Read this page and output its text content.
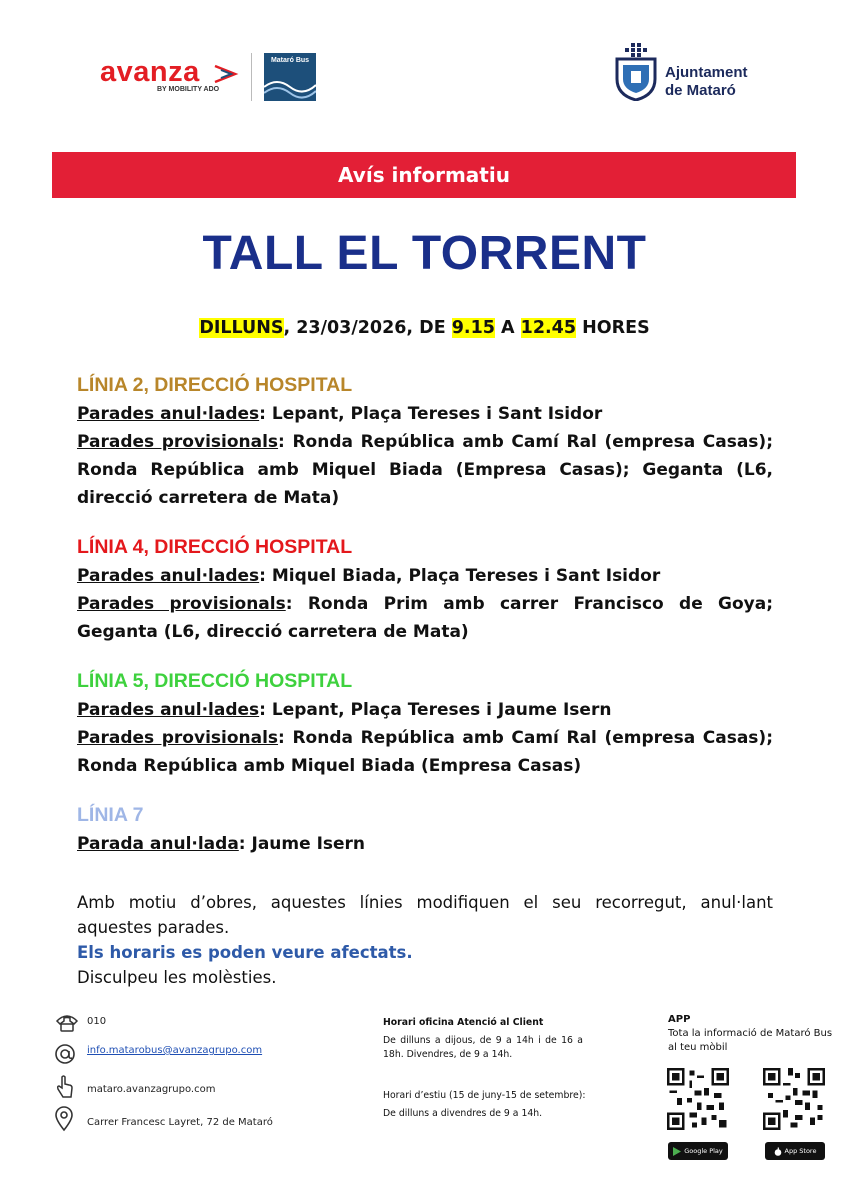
avanza
BY MOBILITY ADO
Mataró Bus
Ajuntament
de Mataró
Avís informatiu
TALL EL TORRENT
DILLUNS, 23/03/2026, DE 9.15 A 12.45 HORES
LÍNIA 2, DIRECCIÓ HOSPITAL

Parades anul·lades: Lepant, Plaça Tereses i Sant Isidor

Parades provisionals: Ronda República amb Camí Ral (empresa Casas); Ronda República amb Miquel Biada (Empresa Casas); Geganta (L6, direcció carretera de Mata)

LÍNIA 4, DIRECCIÓ HOSPITAL

Parades anul·lades: Miquel Biada, Plaça Tereses i Sant Isidor

Parades provisionals: Ronda Prim amb carrer Francisco de Goya; Geganta (L6, direcció carretera de Mata)

LÍNIA 5, DIRECCIÓ HOSPITAL

Parades anul·lades: Lepant, Plaça Tereses i Jaume Isern

Parades provisionals: Ronda República amb Camí Ral (empresa Casas); Ronda República amb Miquel Biada (Empresa Casas)

LÍNIA 7

Parada anul·lada: Jaume Isern

Amb motiu d’obres, aquestes línies modifiquen el seu recorregut, anul·lant aquestes parades.

Els horaris es poden veure afectats.

Disculpeu les molèsties.

010
info.matarobus@avanzagrupo.com
mataro.avanzagrupo.com
Carrer Francesc Layret, 72 de Mataró
Horari oficina Atenció al Client
De dilluns a dijous, de 9 a 14h i de 16 a 18h. Divendres, de 9 a 14h.
Horari d’estiu (15 de juny-15 de setembre):
De dilluns a divendres de 9 a 14h.
APP
Tota la informació de Mataró Bus al teu mòbil
Google Play	App Store
